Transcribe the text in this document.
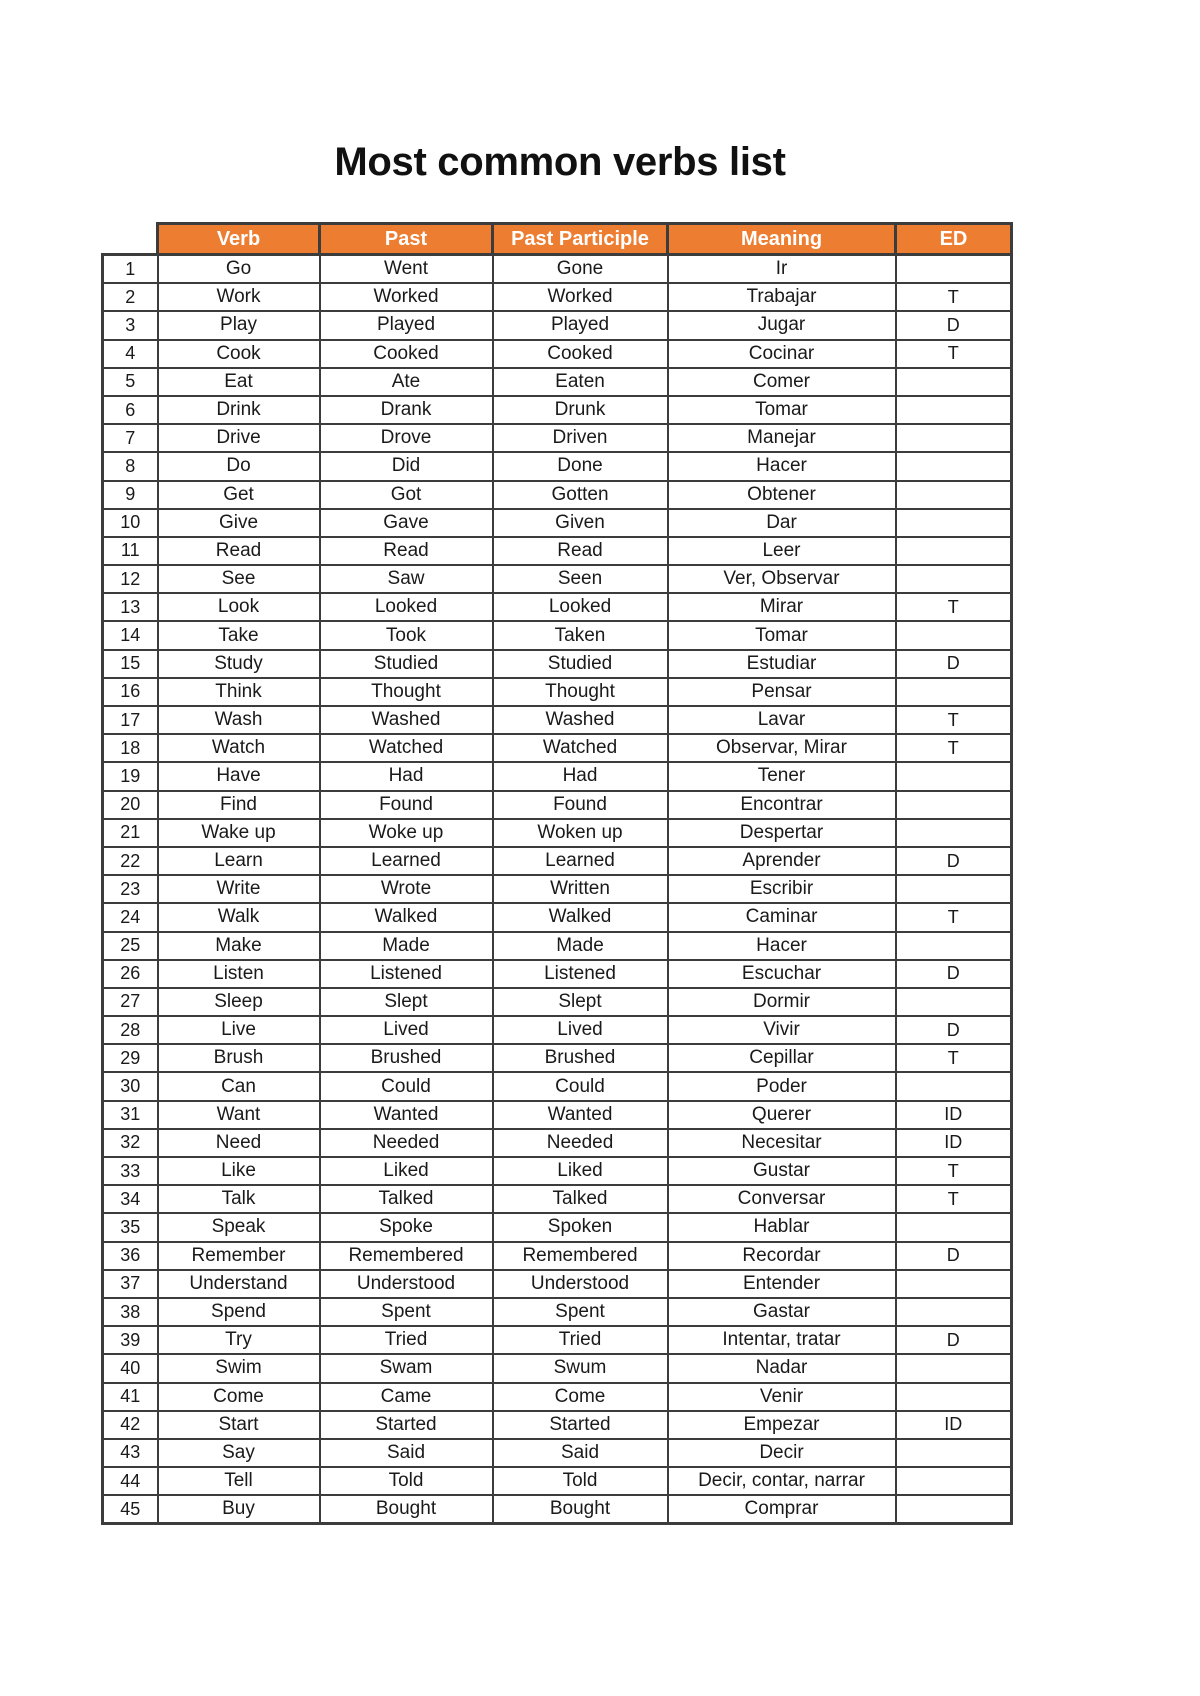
Most common verbs list
	Verb	Past	Past Participle	Meaning	ED
1	Go	Went	Gone	Ir	
2	Work	Worked	Worked	Trabajar	T
3	Play	Played	Played	Jugar	D
4	Cook	Cooked	Cooked	Cocinar	T
5	Eat	Ate	Eaten	Comer	
6	Drink	Drank	Drunk	Tomar	
7	Drive	Drove	Driven	Manejar	
8	Do	Did	Done	Hacer	
9	Get	Got	Gotten	Obtener	
10	Give	Gave	Given	Dar	
11	Read	Read	Read	Leer	
12	See	Saw	Seen	Ver, Observar	
13	Look	Looked	Looked	Mirar	T
14	Take	Took	Taken	Tomar	
15	Study	Studied	Studied	Estudiar	D
16	Think	Thought	Thought	Pensar	
17	Wash	Washed	Washed	Lavar	T
18	Watch	Watched	Watched	Observar, Mirar	T
19	Have	Had	Had	Tener	
20	Find	Found	Found	Encontrar	
21	Wake up	Woke up	Woken up	Despertar	
22	Learn	Learned	Learned	Aprender	D
23	Write	Wrote	Written	Escribir	
24	Walk	Walked	Walked	Caminar	T
25	Make	Made	Made	Hacer	
26	Listen	Listened	Listened	Escuchar	D
27	Sleep	Slept	Slept	Dormir	
28	Live	Lived	Lived	Vivir	D
29	Brush	Brushed	Brushed	Cepillar	T
30	Can	Could	Could	Poder	
31	Want	Wanted	Wanted	Querer	ID
32	Need	Needed	Needed	Necesitar	ID
33	Like	Liked	Liked	Gustar	T
34	Talk	Talked	Talked	Conversar	T
35	Speak	Spoke	Spoken	Hablar	
36	Remember	Remembered	Remembered	Recordar	D
37	Understand	Understood	Understood	Entender	
38	Spend	Spent	Spent	Gastar	
39	Try	Tried	Tried	Intentar, tratar	D
40	Swim	Swam	Swum	Nadar	
41	Come	Came	Come	Venir	
42	Start	Started	Started	Empezar	ID
43	Say	Said	Said	Decir	
44	Tell	Told	Told	Decir, contar, narrar	
45	Buy	Bought	Bought	Comprar	
